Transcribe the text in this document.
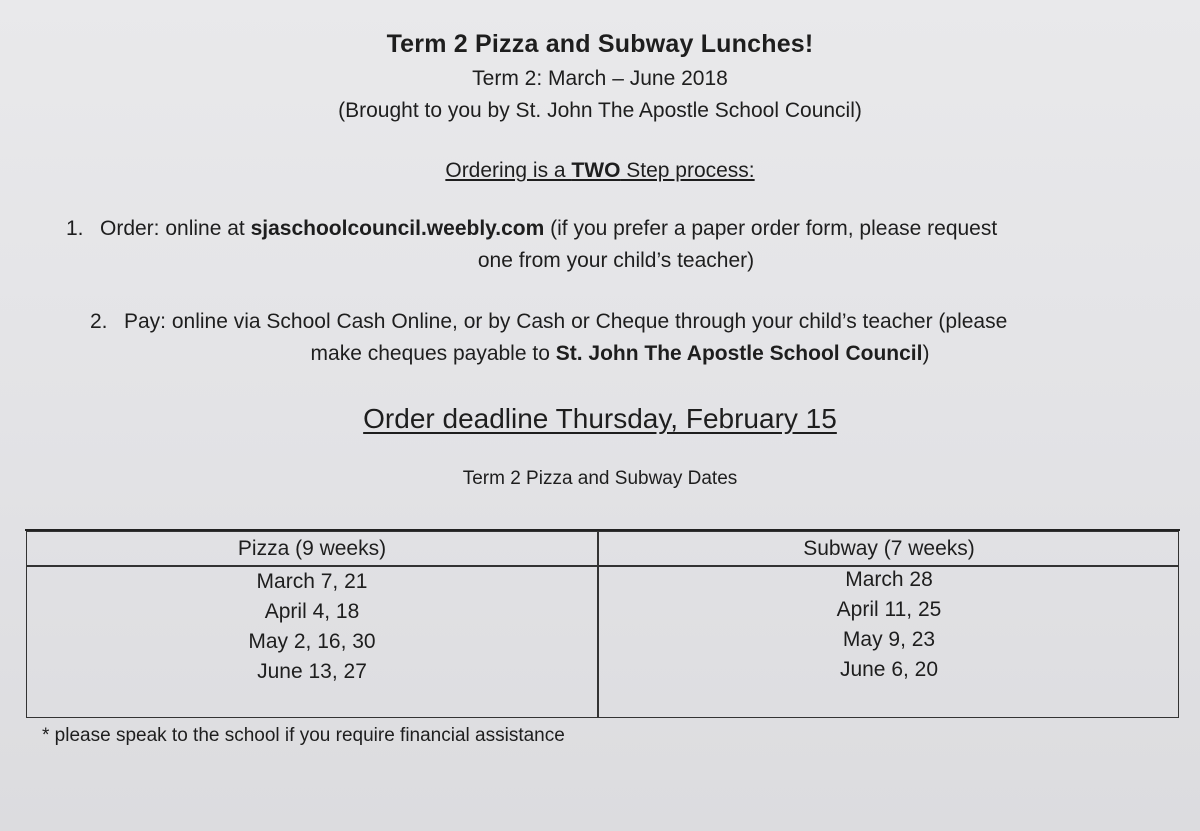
Term 2 Pizza and Subway Lunches!
Term 2: March – June 2018
(Brought to you by St. John The Apostle School Council)
Ordering is a TWO Step process:
1. Order: online at sjaschoolcouncil.weebly.com (if you prefer a paper order form, please request
one from your child’s teacher)
2. Pay: online via School Cash Online, or by Cash or Cheque through your child’s teacher (please
make cheques payable to St. John The Apostle School Council)
Order deadline Thursday, February 15
Term 2 Pizza and Subway Dates
Pizza (9 weeks)
March 7, 21
April 4, 18
May 2, 16, 30
June 13, 27
Subway (7 weeks)
March 28
April 11, 25
May 9, 23
June 6, 20
* please speak to the school if you require financial assistance
